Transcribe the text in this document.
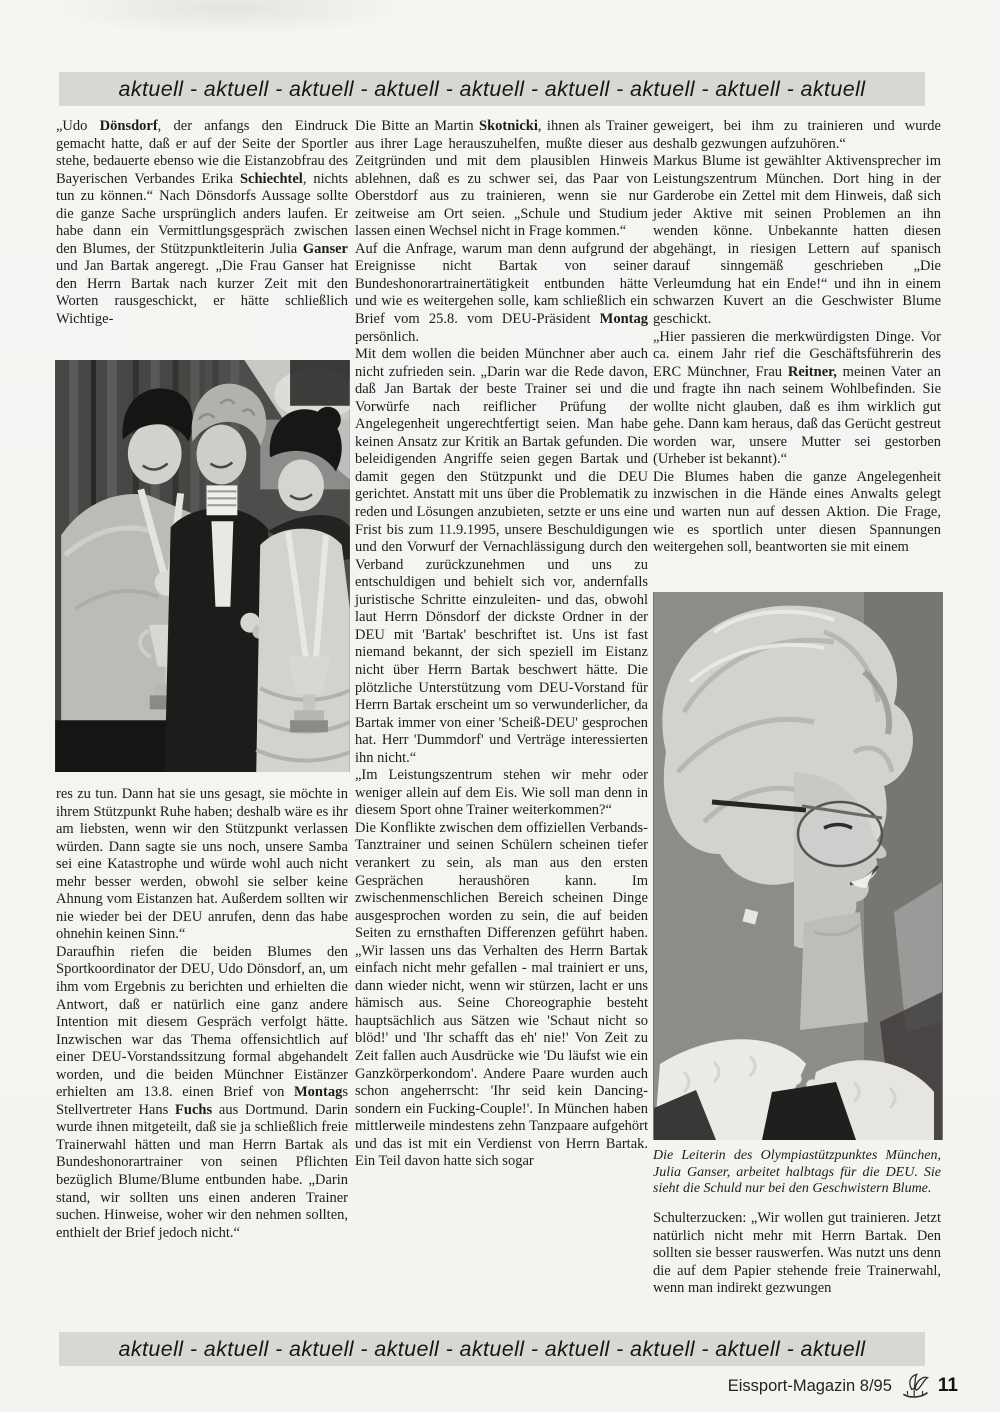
aktuell - aktuell - aktuell - aktuell - aktuell - aktuell - aktuell - aktuell - aktuell

„Udo Dönsdorf, der anfangs den Eindruck gemacht hatte, daß er auf der Seite der Sportler stehe, bedauerte ebenso wie die Eistanzobfrau des Bayerischen Verbandes Erika Schiechtel, nichts tun zu können.“ Nach Dönsdorfs Aussage sollte die ganze Sache ursprünglich anders laufen. Er habe dann ein Vermittlungsgespräch zwischen den Blumes, der Stützpunktleiterin Julia Ganser und Jan Bartak angeregt. „Die Frau Ganser hat den Herrn Bartak nach kurzer Zeit mit den Worten rausgeschickt, er hätte schließlich Wichtige-

res zu tun. Dann hat sie uns gesagt, sie möchte in ihrem Stützpunkt Ruhe haben; deshalb wäre es ihr am liebsten, wenn wir den Stützpunkt verlassen würden. Dann sagte sie uns noch, unsere Samba sei eine Katastrophe und würde wohl auch nicht mehr besser werden, obwohl sie selber keine Ahnung vom Eistanzen hat. Außerdem sollten wir nie wieder bei der DEU anrufen, denn das habe ohnehin keinen Sinn.“

Daraufhin riefen die beiden Blumes den Sportkoordinator der DEU, Udo Dönsdorf, an, um ihm vom Ergebnis zu berichten und erhielten die Antwort, daß er natürlich eine ganz andere Intention mit diesem Gespräch verfolgt hätte. Inzwischen war das Thema offensichtlich auf einer DEU-Vorstandssitzung formal abgehandelt worden, und die beiden Münchner Eistänzer erhielten am 13.8. einen Brief von Montags Stellvertreter Hans Fuchs aus Dortmund. Darin wurde ihnen mitgeteilt, daß sie ja schließlich freie Trainerwahl hätten und man Herrn Bartak als Bundeshonorartrainer von seinen Pflichten bezüglich Blume/Blume entbunden habe. „Darin stand, wir sollten uns einen anderen Trainer suchen. Hinweise, woher wir den nehmen sollten, enthielt der Brief jedoch nicht.“

Die Bitte an Martin Skotnicki, ihnen als Trainer aus ihrer Lage herauszuhelfen, mußte dieser aus Zeitgründen und mit dem plausiblen Hinweis ablehnen, daß es zu schwer sei, das Paar von Oberstdorf aus zu trainieren, wenn sie nur zeitweise am Ort seien. „Schule und Studium lassen einen Wechsel nicht in Frage kommen.“

Auf die Anfrage, warum man denn aufgrund der Ereignisse nicht Bartak von seiner Bundeshonorartrainertätigkeit entbunden hätte und wie es weitergehen solle, kam schließlich ein Brief vom 25.8. vom DEU-Präsident Montag persönlich.

Mit dem wollen die beiden Münchner aber auch nicht zufrieden sein. „Darin war die Rede davon, daß Jan Bartak der beste Trainer sei und die Vorwürfe nach reiflicher Prüfung der Angelegenheit ungerechtfertigt seien. Man habe keinen Ansatz zur Kritik an Bartak gefunden. Die beleidigenden Angriffe seien gegen Bartak und damit gegen den Stützpunkt und die DEU gerichtet. Anstatt mit uns über die Problematik zu reden und Lösungen anzubieten, setzte er uns eine Frist bis zum 11.9.1995, unsere Beschuldigungen und den Vorwurf der Vernachlässigung durch den Verband zurückzunehmen und uns zu entschuldigen und behielt sich vor, andernfalls juristische Schritte einzuleiten- und das, obwohl laut Herrn Dönsdorf der dickste Ordner in der DEU mit 'Bartak' beschriftet ist. Uns ist fast niemand bekannt, der sich speziell im Eistanz nicht über Herrn Bartak beschwert hätte. Die plötzliche Unterstützung vom DEU-Vorstand für Herrn Bartak erscheint um so verwunderlicher, da Bartak immer von einer 'Scheiß-DEU' gesprochen hat. Herr 'Dummdorf' und Verträge interessierten ihn nicht.“

„Im Leistungszentrum stehen wir mehr oder weniger allein auf dem Eis. Wie soll man denn in diesem Sport ohne Trainer weiterkommen?“

Die Konflikte zwischen dem offiziellen Verbands-Tanztrainer und seinen Schülern scheinen tiefer verankert zu sein, als man aus den ersten Gesprächen heraushören kann. Im zwischenmenschlichen Bereich scheinen Dinge ausgesprochen worden zu sein, die auf beiden Seiten zu ernsthaften Differenzen geführt haben. „Wir lassen uns das Verhalten des Herrn Bartak einfach nicht mehr gefallen - mal trainiert er uns, dann wieder nicht, wenn wir stürzen, lacht er uns hämisch aus. Seine Choreographie besteht hauptsächlich aus Sätzen wie 'Schaut nicht so blöd!' und 'Ihr schafft das eh' nie!' Von Zeit zu Zeit fallen auch Ausdrücke wie 'Du läufst wie ein Ganzkörperkondom'. Andere Paare wurden auch schon angeherrscht: 'Ihr seid kein Dancing- sondern ein Fucking-Couple!'. In München haben mittlerweile mindestens zehn Tanzpaare aufgehört und das ist mit ein Verdienst von Herrn Bartak. Ein Teil davon hatte sich sogar

geweigert, bei ihm zu trainieren und wurde deshalb gezwungen aufzuhören.“

Markus Blume ist gewählter Aktivensprecher im Leistungszentrum München. Dort hing in der Garderobe ein Zettel mit dem Hinweis, daß sich jeder Aktive mit seinen Problemen an ihn wenden könne. Unbekannte hatten diesen abgehängt, in riesigen Lettern auf spanisch darauf sinngemäß geschrieben „Die Verleumdung hat ein Ende!“ und ihn in einem schwarzen Kuvert an die Geschwister Blume geschickt.

„Hier passieren die merkwürdigsten Dinge. Vor ca. einem Jahr rief die Geschäftsführerin des ERC Münchner, Frau Reitner, meinen Vater an und fragte ihn nach seinem Wohlbefinden. Sie wollte nicht glauben, daß es ihm wirklich gut gehe. Dann kam heraus, daß das Gerücht gestreut worden war, unsere Mutter sei gestorben (Urheber ist bekannt).“

Die Blumes haben die ganze Angelegenheit inzwischen in die Hände eines Anwalts gelegt und warten nun auf dessen Aktion. Die Frage, wie es sportlich unter diesen Spannungen weitergehen soll, beantworten sie mit einem

Die Leiterin des Olympiastützpunktes München, Julia Ganser, arbeitet halbtags für die DEU. Sie sieht die Schuld nur bei den Geschwistern Blume.

Schulterzucken: „Wir wollen gut trainieren. Jetzt natürlich nicht mehr mit Herrn Bartak. Den sollten sie besser rauswerfen. Was nutzt uns denn die auf dem Papier stehende freie Trainerwahl, wenn man indirekt gezwungen

aktuell - aktuell - aktuell - aktuell - aktuell - aktuell - aktuell - aktuell - aktuell
Eissport-Magazin 8/95 11
